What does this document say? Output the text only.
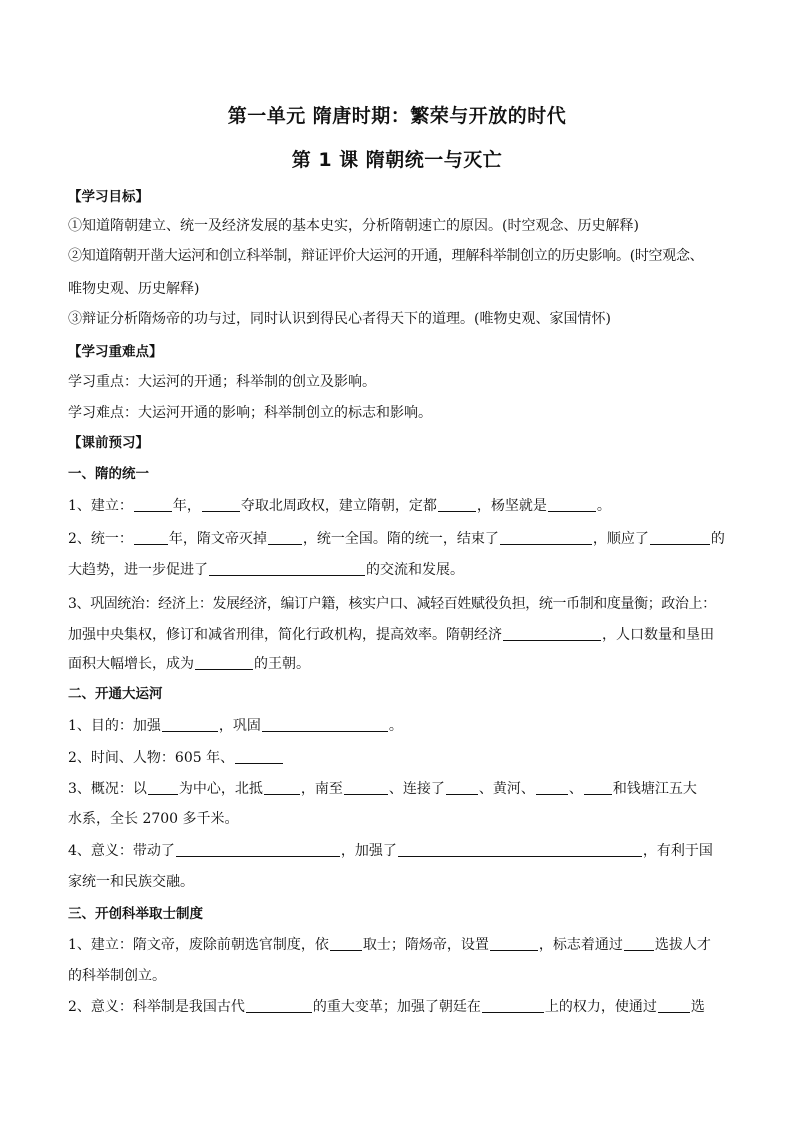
第一单元 隋唐时期：繁荣与开放的时代
第 1 课 隋朝统一与灭亡
【学习目标】
①知道隋朝建立、统一及经济发展的基本史实，分析隋朝速亡的原因。(时空观念、历史解释)
②知道隋朝开凿大运河和创立科举制，辩证评价大运河的开通，理解科举制创立的历史影响。(时空观念、
唯物史观、历史解释)
③辩证分析隋炀帝的功与过，同时认识到得民心者得天下的道理。(唯物史观、家国情怀)
【学习重难点】
学习重点：大运河的开通；科举制的创立及影响。
学习难点：大运河开通的影响；科举制创立的标志和影响。
【课前预习】
一、隋的统一
1、建立：	年，	夺取北周政权，建立隋朝，定都	，杨坚就是	。
2、统一：	年，隋文帝灭掉	，统一全国。隋的统一，结束了	，顺应了	的
大趋势，进一步促进了	的交流和发展。
3、巩固统治：经济上：发展经济，编订户籍，核实户口、减轻百姓赋役负担，统一币制和度量衡；政治上：
加强中央集权，修订和减省刑律，简化行政机构，提高效率。隋朝经济	，人口数量和垦田
面积大幅增长，成为	的王朝。
二、开通大运河
1、目的：加强	，巩固	。
2、时间、人物：605 年、
3、概况：以 为中心，北抵	，南至	、连接了 、黄河、 、 和钱塘江五大
水系，全长 2700 多千米。
4、意义：带动了	，加强了	，有利于国
家统一和民族交融。
三、开创科举取士制度
1、建立：隋文帝，废除前朝选官制度，依 取士；隋炀帝，设置	，标志着通过 选拔人才
的科举制创立。
2、意义：科举制是我国古代	的重大变革；加强了朝廷在	上的权力，使通过 选
